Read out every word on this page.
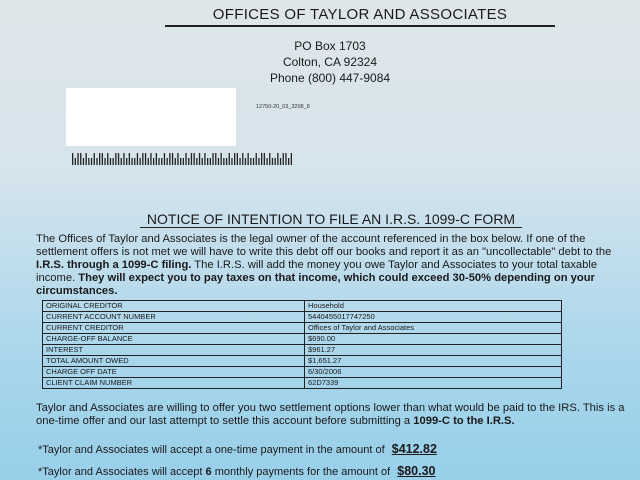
OFFICES OF TAYLOR AND ASSOCIATES
PO Box 1703
Colton, CA 92324
Phone (800) 447-9084
12750-20_03_3298_8
NOTICE OF INTENTION TO FILE AN I.R.S. 1099-C FORM
The Offices of Taylor and Associates is the legal owner of the account referenced in the box below. If one of the settlement offers is not met we will have to write this debt off our books and report it as an "uncollectable" debt to the I.R.S. through a 1099-C filing. The I.R.S. will add the money you owe Taylor and Associates to your total taxable income. They will expect you to pay taxes on that income, which could exceed 30-50% depending on your circumstances.
ORIGINAL CREDITOR	Household
CURRENT ACCOUNT NUMBER	5440455017747250
CURRENT CREDITOR	Offices of Taylor and Associates
CHARGE-OFF BALANCE	$690.00
INTEREST	$961.27
TOTAL AMOUNT OWED	$1,651.27
CHARGE OFF DATE	6/30/2006
CLIENT CLAIM NUMBER	62D7339
Taylor and Associates are willing to offer you two settlement options lower than what would be paid to the IRS. This is a one-time offer and our last attempt to settle this account before submitting a 1099-C to the I.R.S.
*Taylor and Associates will accept a one-time payment in the amount of $412.82
*Taylor and Associates will accept 6 monthly payments for the amount of $80.30
